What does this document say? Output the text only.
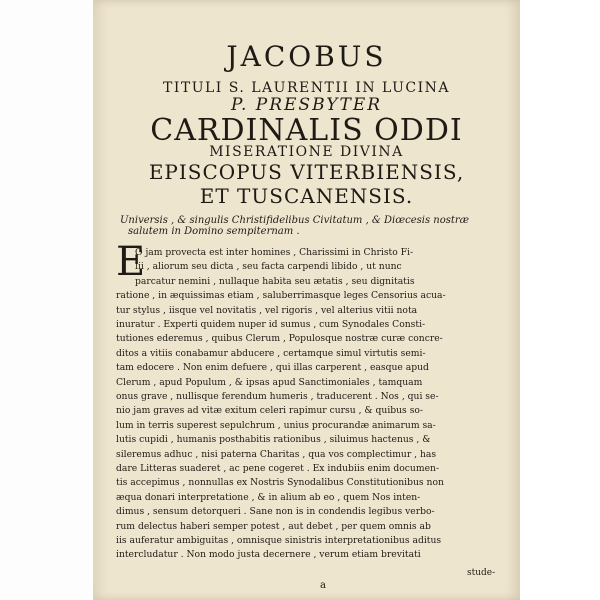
JACOBUS
TITULI S. LAURENTII IN LUCINA
P. PRESBYTER
CARDINALIS ODDI
MISERATIONE DIVINA
EPISCOPUS VITERBIENSIS,
ET TUSCANENSIS.
Universis , & singulis Christifidelibus Civitatum , & Diœcesis nostræ
salutem in Domino sempiternam .
E
O jam provecta est inter homines , Charissimi in Christo Fi-
lii , aliorum seu dicta , seu facta carpendi libido , ut nunc
parcatur nemini , nullaque habita seu ætatis , seu dignitatis
ratione , in æquissimas etiam , saluberrimasque leges Censorius acua-
tur stylus , iisque vel novitatis , vel rigoris , vel alterius vitii nota
inuratur . Experti quidem nuper id sumus , cum Synodales Consti-
tutiones ederemus , quibus Clerum , Populosque nostræ curæ concre-
ditos a vitiis conabamur abducere , certamque simul virtutis semi-
tam edocere . Non enim defuere , qui illas carperent , easque apud
Clerum , apud Populum , & ipsas apud Sanctimoniales , tamquam
onus grave , nullisque ferendum humeris , traducerent . Nos , qui se-
nio jam graves ad vitæ exitum celeri rapimur cursu , & quibus so-
lum in terris superest sepulchrum , unius procurandæ animarum sa-
lutis cupidi , humanis posthabitis rationibus , siluimus hactenus , &
sileremus adhuc , nisi paterna Charitas , qua vos complectimur , has
dare Litteras suaderet , ac pene cogeret . Ex indubiis enim documen-
tis accepimus , nonnullas ex Nostris Synodalibus Constitutionibus non
æqua donari interpretatione , & in alium ab eo , quem Nos inten-
dimus , sensum detorqueri . Sane non is in condendis legibus verbo-
rum delectus haberi semper potest , aut debet , per quem omnis ab
iis auferatur ambiguitas , omnisque sinistris interpretationibus aditus
intercludatur . Non modo justa decernere , verum etiam brevitati
stude-
a
